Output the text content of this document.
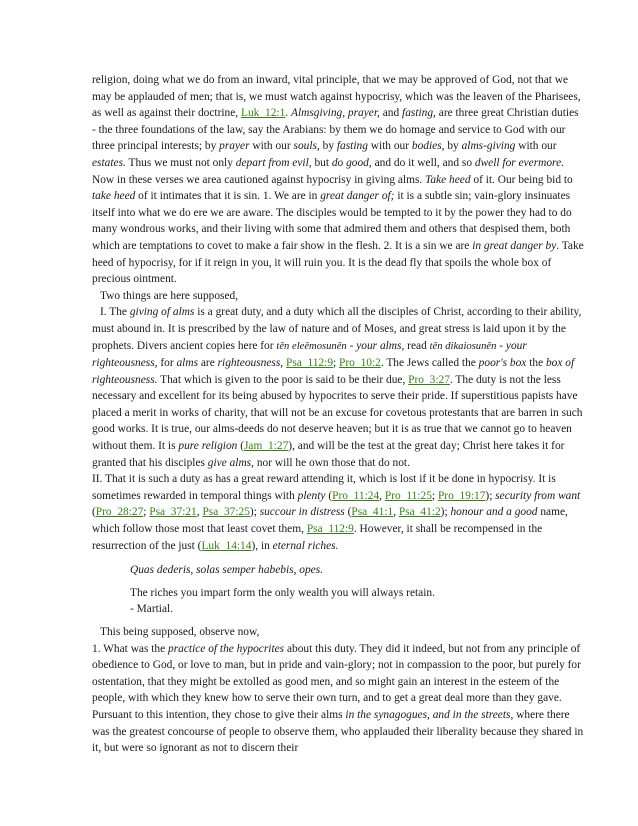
religion, doing what we do from an inward, vital principle, that we may be approved of God, not that we may be applauded of men; that is, we must watch against hypocrisy, which was the leaven of the Pharisees, as well as against their doctrine, Luk_12:1. Almsgiving, prayer, and fasting, are three great Christian duties - the three foundations of the law, say the Arabians: by them we do homage and service to God with our three principal interests; by prayer with our souls, by fasting with our bodies, by alms-giving with our estates. Thus we must not only depart from evil, but do good, and do it well, and so dwell for evermore.

Now in these verses we area cautioned against hypocrisy in giving alms. Take heed of it. Our being bid to take heed of it intimates that it is sin. 1. We are in great danger of; it is a subtle sin; vain-glory insinuates itself into what we do ere we are aware. The disciples would be tempted to it by the power they had to do many wondrous works, and their living with some that admired them and others that despised them, both which are temptations to covet to make a fair show in the flesh. 2. It is a sin we are in great danger by. Take heed of hypocrisy, for if it reign in you, it will ruin you. It is the dead fly that spoils the whole box of precious ointment.

Two things are here supposed,

I. The giving of alms is a great duty, and a duty which all the disciples of Christ, according to their ability, must abound in. It is prescribed by the law of nature and of Moses, and great stress is laid upon it by the prophets. Divers ancient copies here for tēn eleēmosunēn - your alms, read tēn dikaiosunēn - your righteousness, for alms are righteousness, Psa_112:9; Pro_10:2. The Jews called the poor's box the box of righteousness. That which is given to the poor is said to be their due, Pro_3:27. The duty is not the less necessary and excellent for its being abused by hypocrites to serve their pride. If superstitious papists have placed a merit in works of charity, that will not be an excuse for covetous protestants that are barren in such good works. It is true, our alms-deeds do not deserve heaven; but it is as true that we cannot go to heaven without them. It is pure religion (Jam_1:27), and will be the test at the great day; Christ here takes it for granted that his disciples give alms, nor will he own those that do not.

II. That it is such a duty as has a great reward attending it, which is lost if it be done in hypocrisy. It is sometimes rewarded in temporal things with plenty (Pro_11:24, Pro_11:25; Pro_19:17); security from want (Pro_28:27; Psa_37:21, Psa_37:25); succour in distress (Psa_41:1, Psa_41:2); honour and a good name, which follow those most that least covet them, Psa_112:9. However, it shall be recompensed in the resurrection of the just (Luk_14:14), in eternal riches.

Quas dederis, solas semper habebis, opes.

The riches you impart form the only wealth you will always retain.

- Martial.

This being supposed, observe now,

1. What was the practice of the hypocrites about this duty. They did it indeed, but not from any principle of obedience to God, or love to man, but in pride and vain-glory; not in compassion to the poor, but purely for ostentation, that they might be extolled as good men, and so might gain an interest in the esteem of the people, with which they knew how to serve their own turn, and to get a great deal more than they gave. Pursuant to this intention, they chose to give their alms in the synagogues, and in the streets, where there was the greatest concourse of people to observe them, who applauded their liberality because they shared in it, but were so ignorant as not to discern their
